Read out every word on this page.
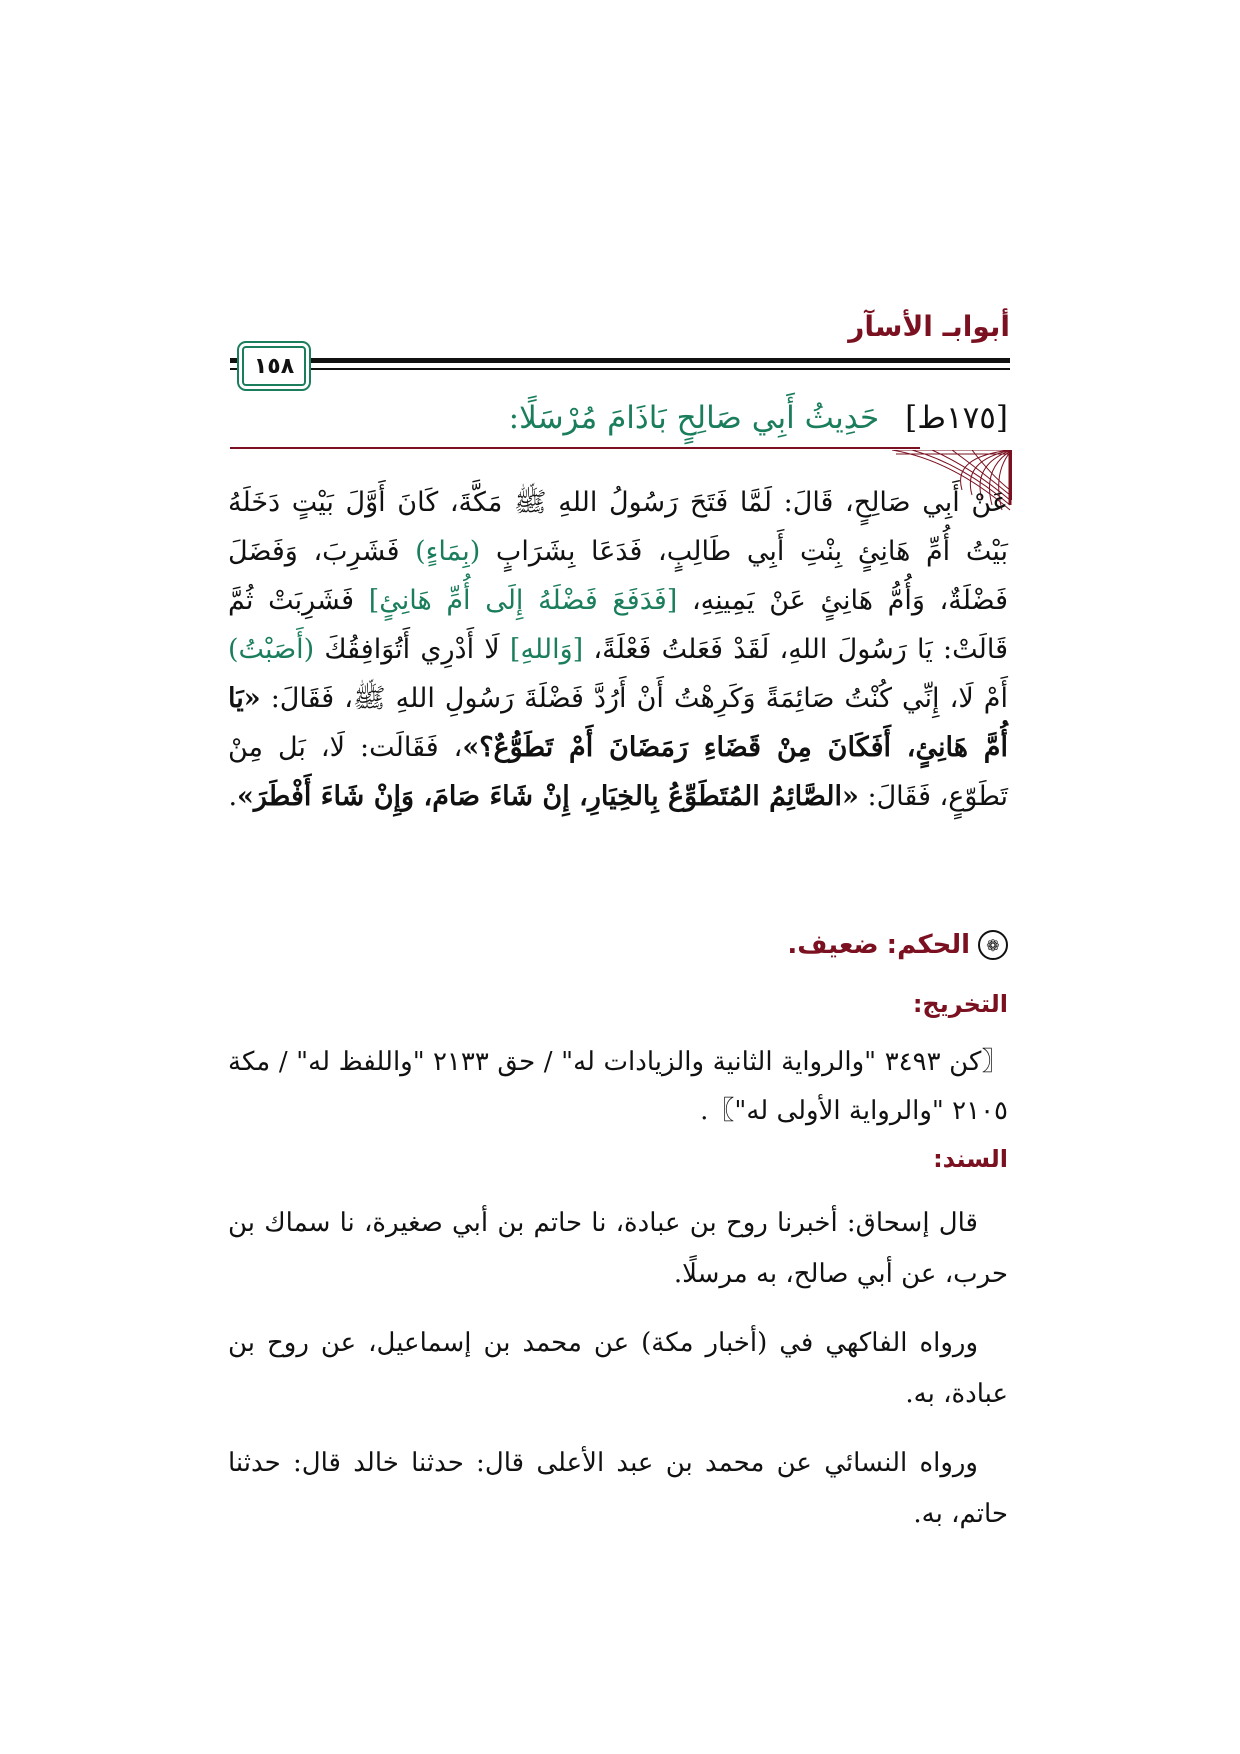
أبوابـ الأسآر
١٥٨
[١٧٥ط]حَدِيثُ أَبِي صَالِحٍ بَاذَامَ مُرْسَلًا:

عَنْ أَبِي صَالِحٍ، قَالَ: لَمَّا فَتَحَ رَسُولُ اللهِ ﷺ مَكَّةَ، كَانَ أَوَّلَ بَيْتٍ دَخَلَهُ بَيْتُ أُمِّ هَانِئٍ بِنْتِ أَبِي طَالِبٍ، فَدَعَا بِشَرَابٍ (بِمَاءٍ) فَشَرِبَ، وَفَضَلَ فَضْلَةٌ، وَأُمُّ هَانِئٍ عَنْ يَمِينِهِ، [فَدَفَعَ فَضْلَهُ إِلَى أُمِّ هَانِئٍ] فَشَرِبَتْ ثُمَّ قَالَتْ: يَا رَسُولَ اللهِ، لَقَدْ فَعَلتُ فَعْلَةً، [وَاللهِ] لَا أَدْرِي أَتُوَافِقُكَ (أَصَبْتُ) أَمْ لَا، إِنِّي كُنْتُ صَائِمَةً وَكَرِهْتُ أَنْ أَرُدَّ فَضْلَةَ رَسُولِ اللهِ ﷺ، فَقَالَ: «يَا أُمَّ هَانِئٍ، أَفَكَانَ مِنْ قَضَاءِ رَمَضَانَ أَمْ تَطَوُّعٌ؟»، فَقَالَت: لَا، بَل مِنْ تَطَوّعٍ، فَقَالَ: «الصَّائِمُ المُتَطَوِّعُ بِالخِيَارِ، إِنْ شَاءَ صَامَ، وَإِنْ شَاءَ أَفْطَرَ».

❁
الحكم:
ضعيف.
التخريج:

〖كن ٣٤٩٣ "والرواية الثانية والزيادات له" / حق ٢١٣٣ "واللفظ له" / مكة ٢١٠٥ "والرواية الأولى له"〗.

السند:

قال إسحاق: أخبرنا روح بن عبادة، نا حاتم بن أبي صغيرة، نا سماك بن حرب، عن أبي صالح، به مرسلًا.

ورواه الفاكهي في (أخبار مكة) عن محمد بن إسماعيل، عن روح بن عبادة، به.

ورواه النسائي عن محمد بن عبد الأعلى قال: حدثنا خالد قال: حدثنا حاتم، به.
